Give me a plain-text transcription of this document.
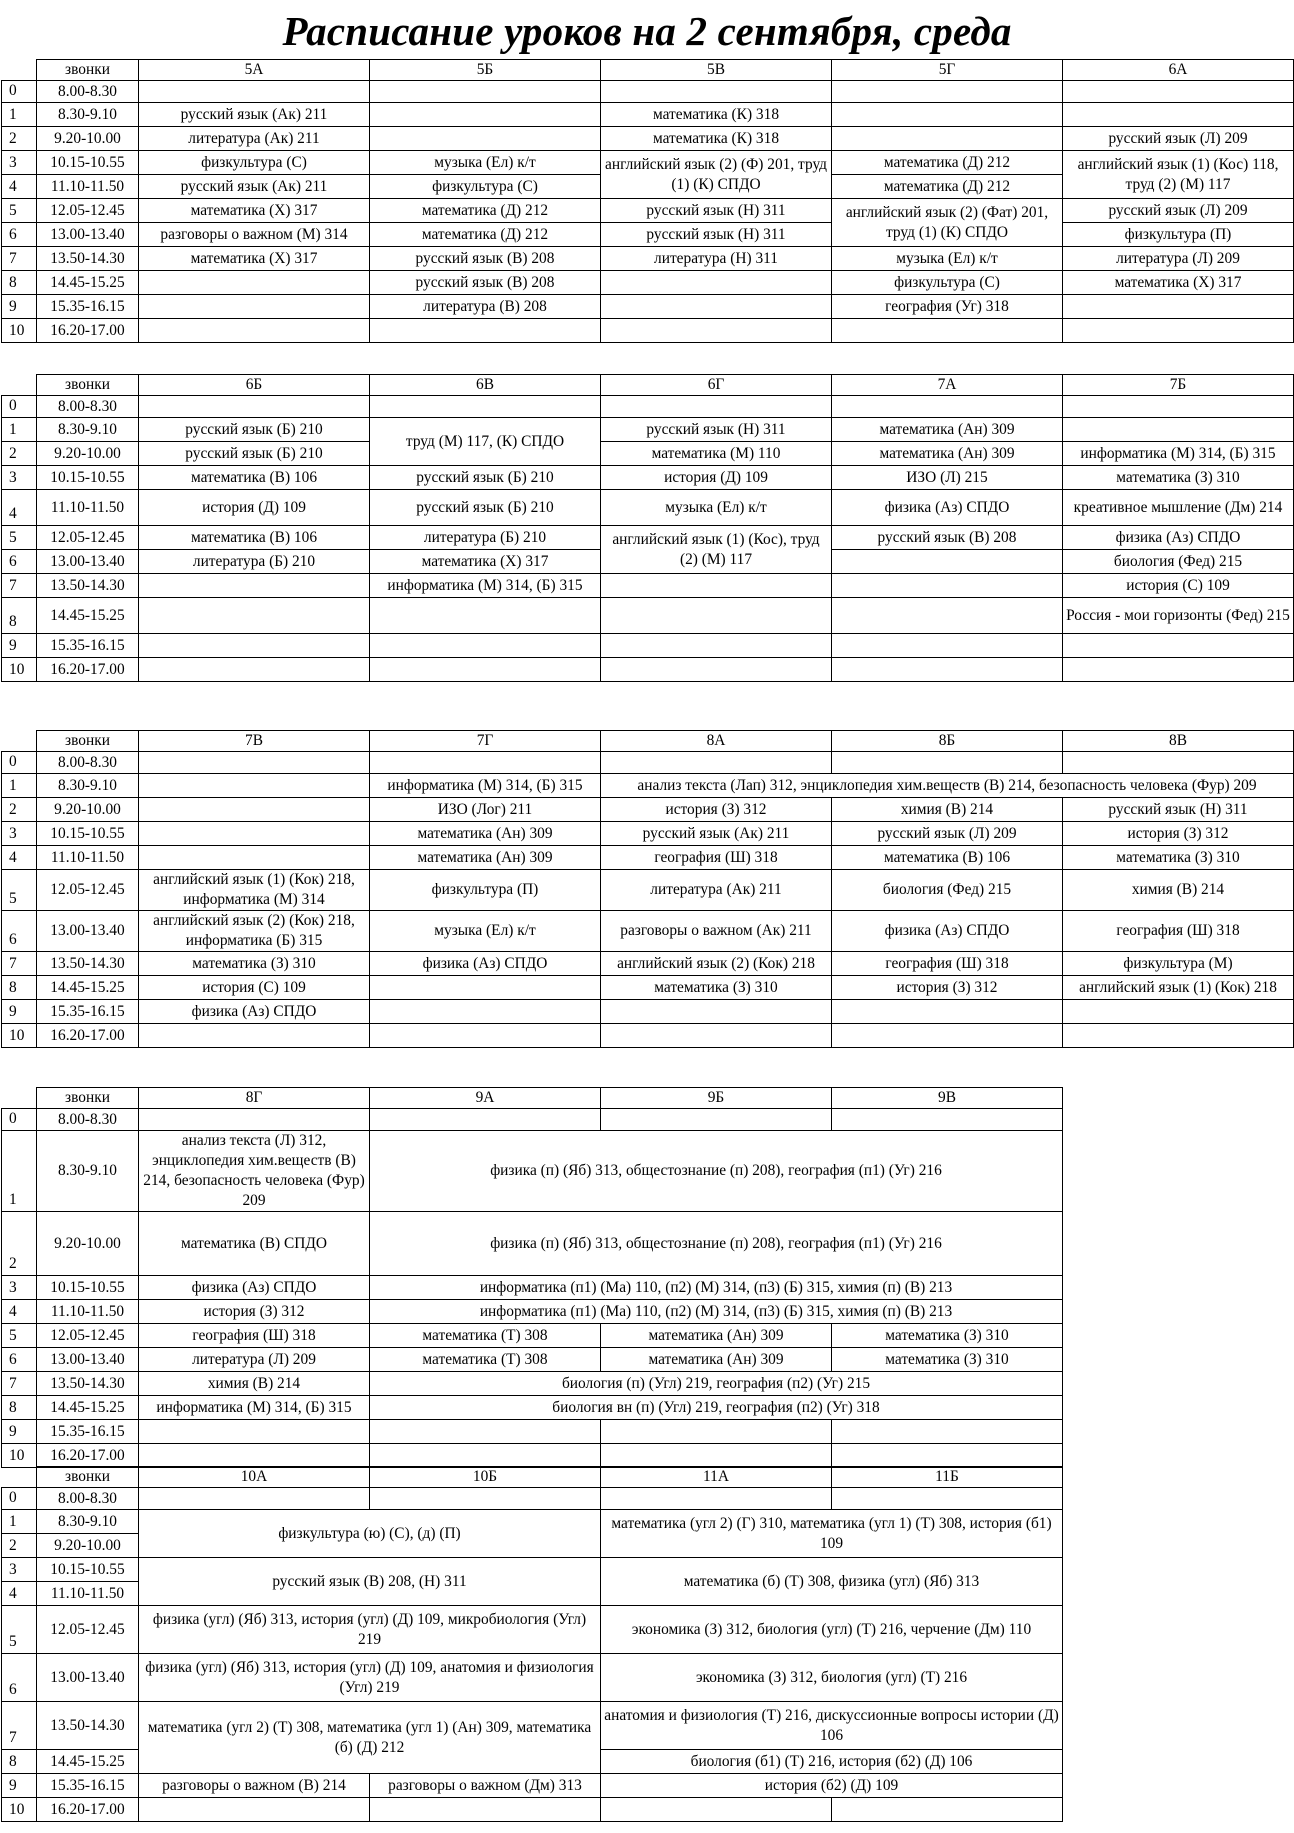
Расписание уроков на 2 сентября, среда
	звонки	5А	5Б	5В	5Г	6А
0	8.00-8.30					
1	8.30-9.10	русский язык (Ак) 211		математика (К) 318		
2	9.20-10.00	литература (Ак) 211		математика (К) 318		русский язык (Л) 209
3	10.15-10.55	физкультура (С)	музыка (Ел) к/т	английский язык (2) (Ф) 201, труд (1) (К) СПДО	математика (Д) 212	английский язык (1) (Кос) 118, труд (2) (М) 117
4	11.10-11.50	русский язык (Ак) 211	физкультура (С)		математика (Д) 212	
5	12.05-12.45	математика (Х) 317	математика (Д) 212	русский язык (Н) 311	английский язык (2) (Фат) 201, труд (1) (К) СПДО	русский язык (Л) 209
6	13.00-13.40	разговоры о важном (М) 314	математика (Д) 212	русский язык (Н) 311		физкультура (П)
7	13.50-14.30	математика (Х) 317	русский язык (В) 208	литература (Н) 311	музыка (Ел) к/т	литература (Л) 209
8	14.45-15.25		русский язык (В) 208		физкультура (С)	математика (Х) 317
9	15.35-16.15		литература (В) 208		география (Уг) 318	
10	16.20-17.00					
	звонки	6Б	6В	6Г	7А	7Б
0	8.00-8.30					
1	8.30-9.10	русский язык (Б) 210	труд (М) 117, (К) СПДО	русский язык (Н) 311	математика (Ан) 309	
2	9.20-10.00	русский язык (Б) 210		математика (М) 110	математика (Ан) 309	информатика (М) 314, (Б) 315
3	10.15-10.55	математика (В) 106	русский язык (Б) 210	история (Д) 109	ИЗО (Л) 215	математика (З) 310
4	11.10-11.50	история (Д) 109	русский язык (Б) 210	музыка (Ел) к/т	физика (Аз) СПДО	креативное мышление (Дм) 214
5	12.05-12.45	математика (В) 106	литература (Б) 210	английский язык (1) (Кос), труд (2) (М) 117	русский язык (В) 208	физика (Аз) СПДО
6	13.00-13.40	литература (Б) 210	математика (Х) 317			биология (Фед) 215
7	13.50-14.30		информатика (М) 314, (Б) 315			история (С) 109
8	14.45-15.25					Россия - мои горизонты (Фед) 215
9	15.35-16.15					
10	16.20-17.00					
	звонки	7В	7Г	8А	8Б	8В
0	8.00-8.30					
1	8.30-9.10		информатика (М) 314, (Б) 315	анализ текста (Лап) 312, энциклопедия хим.веществ (В) 214, безопасность человека (Фур) 209		
2	9.20-10.00		ИЗО (Лог) 211	история (З) 312	химия (В) 214	русский язык (Н) 311
3	10.15-10.55		математика (Ан) 309	русский язык (Ак) 211	русский язык (Л) 209	история (З) 312
4	11.10-11.50		математика (Ан) 309	география (Ш) 318	математика (В) 106	математика (З) 310
5	12.05-12.45	английский язык (1) (Кок) 218, информатика (М) 314	физкультура (П)	литература (Ак) 211	биология (Фед) 215	химия (В) 214
6	13.00-13.40	английский язык (2) (Кок) 218, информатика (Б) 315	музыка (Ел) к/т	разговоры о важном (Ак) 211	физика (Аз) СПДО	география (Ш) 318
7	13.50-14.30	математика (З) 310	физика (Аз) СПДО	английский язык (2) (Кок) 218	география (Ш) 318	физкультура (М)
8	14.45-15.25	история (С) 109		математика (З) 310	история (З) 312	английский язык (1) (Кок) 218
9	15.35-16.15	физика (Аз) СПДО				
10	16.20-17.00					
	звонки	8Г	9А	9Б	9В	
0	8.00-8.30					
1	8.30-9.10	анализ текста (Л) 312, энциклопедия хим.веществ (В) 214, безопасность человека (Фур) 209	физика (п) (Яб) 313, общестознание (п) 208), география (п1) (Уг) 216			
2	9.20-10.00	математика (В) СПДО	физика (п) (Яб) 313, общестознание (п) 208), география (п1) (Уг) 216			
3	10.15-10.55	физика (Аз) СПДО	информатика (п1) (Ма) 110, (п2) (М) 314, (п3) (Б) 315, химия (п) (В) 213			
4	11.10-11.50	история (З) 312	информатика (п1) (Ма) 110, (п2) (М) 314, (п3) (Б) 315, химия (п) (В) 213			
5	12.05-12.45	география (Ш) 318	математика (Т) 308	математика (Ан) 309	математика (З) 310	
6	13.00-13.40	литература (Л) 209	математика (Т) 308	математика (Ан) 309	математика (З) 310	
7	13.50-14.30	химия (В) 214	биология (п) (Угл) 219, география (п2) (Уг) 215			
8	14.45-15.25	информатика (М) 314, (Б) 315	биология вн (п) (Угл) 219, география (п2) (Уг) 318			
9	15.35-16.15					
10	16.20-17.00					
	звонки	10А	10Б	11А	11Б	
0	8.00-8.30					
1	8.30-9.10	физкультура (ю) (С), (д) (П)		математика (угл 2) (Г) 310, математика (угл 1) (Т) 308, история (б1) 109		
2	9.20-10.00					
3	10.15-10.55	русский язык (В) 208, (Н) 311		математика (б) (Т) 308, физика (угл) (Яб) 313		
4	11.10-11.50					
5	12.05-12.45	физика (угл) (Яб) 313, история (угл) (Д) 109, микробиология (Угл) 219		экономика (З) 312, биология (угл) (Т) 216, черчение (Дм) 110		
6	13.00-13.40	физика (угл) (Яб) 313, история (угл) (Д) 109, анатомия и физиология (Угл) 219		экономика (З) 312, биология (угл) (Т) 216		
7	13.50-14.30	математика (угл 2) (Т) 308, математика (угл 1) (Ан) 309, математика (б) (Д) 212		анатомия и физиология (Т) 216, дискуссионные вопросы истории (Д) 106		
8	14.45-15.25			биология (б1) (Т) 216, история (б2) (Д) 106		
9	15.35-16.15	разговоры о важном (В) 214	разговоры о важном (Дм) 313	история (б2) (Д) 109		
10	16.20-17.00					
